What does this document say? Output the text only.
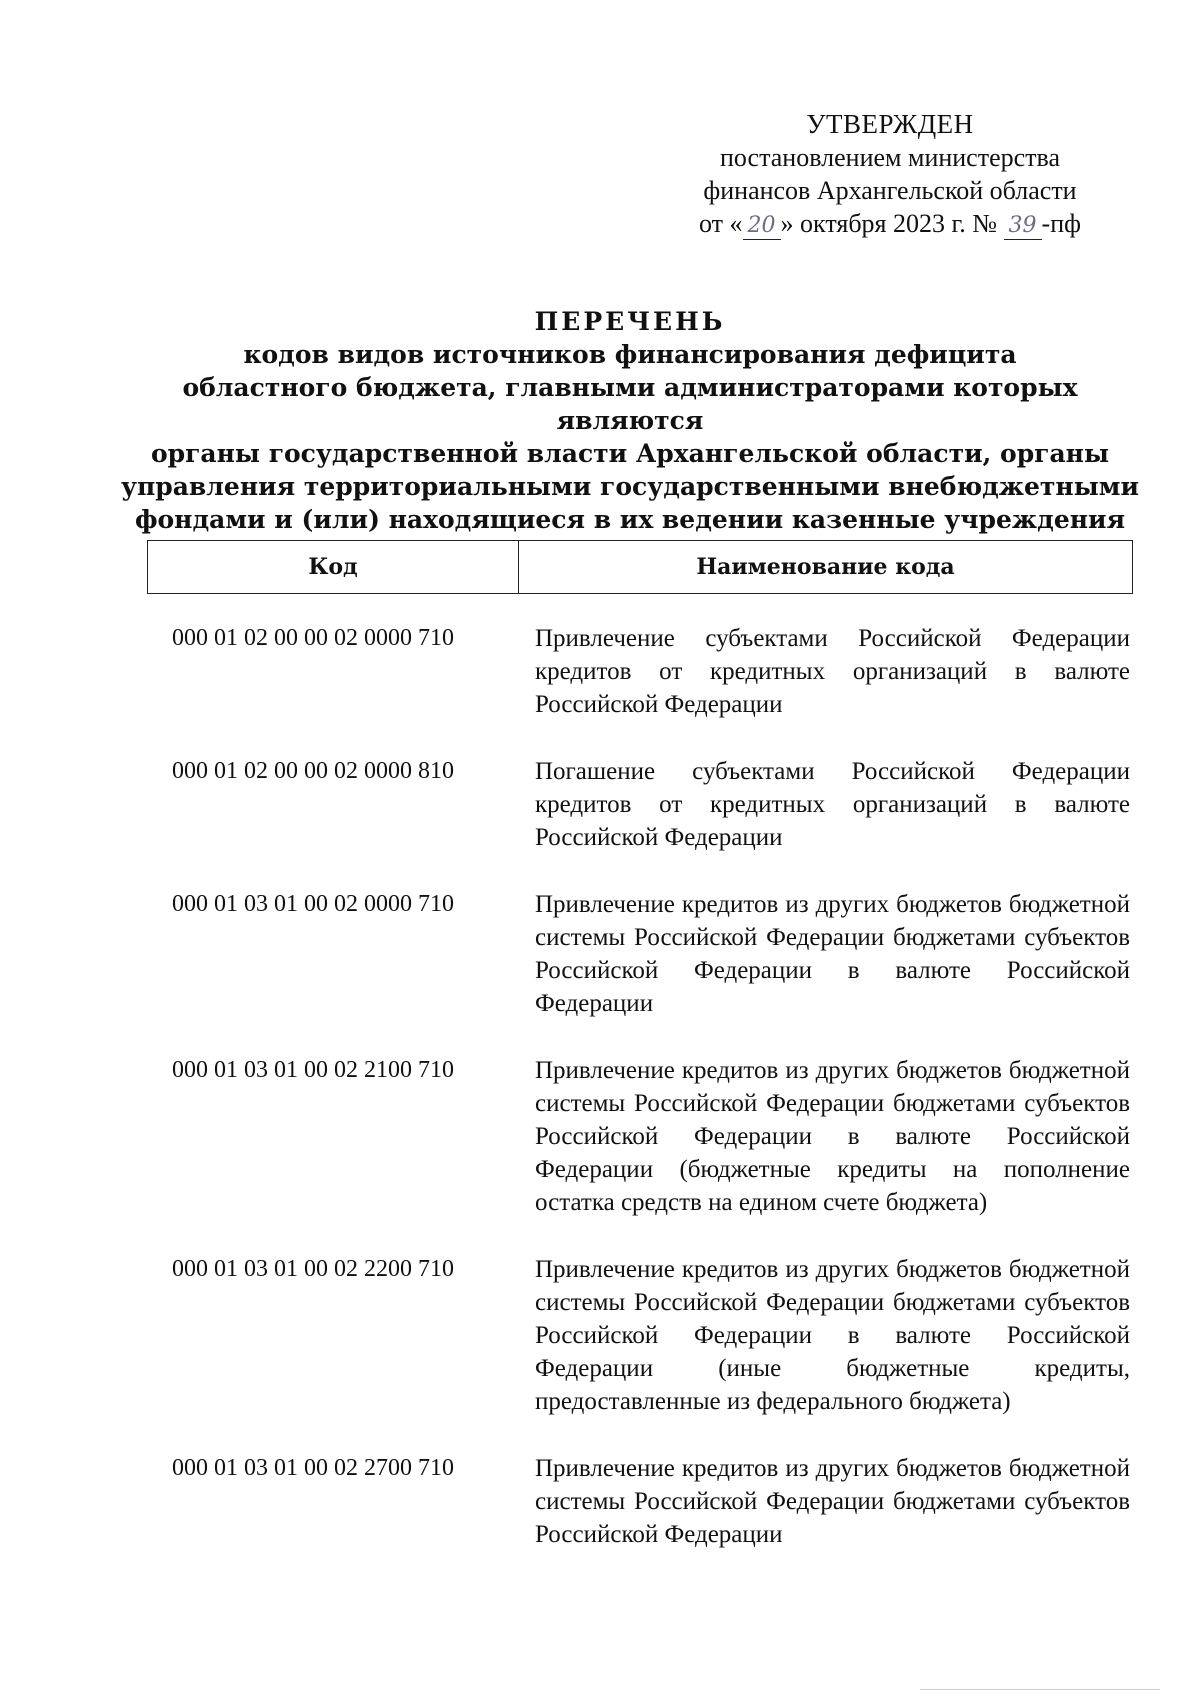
УТВЕРЖДЕН
постановлением министерства
финансов Архангельской области
от « 20 » октября 2023 г. № 39 -пф
ПЕРЕЧЕНЬ
кодов видов источников финансирования дефицита
областного бюджета, главными администраторами которых являются
органы государственной власти Архангельской области, органы
управления территориальными государственными внебюджетными
фондами и (или) находящиеся в их ведении казенные учреждения
Код	Наименование кода
000 01 02 00 00 02 0000 710	Привлечение субъектами Российской Федерации кредитов от кредитных организаций в валюте Российской Федерации
000 01 02 00 00 02 0000 810	Погашение субъектами Российской Федерации кредитов от кредитных организаций в валюте Российской Федерации
000 01 03 01 00 02 0000 710	Привлечение кредитов из других бюджетов бюджетной системы Российской Федерации бюджетами субъектов Российской Федерации в валюте Российской Федерации
000 01 03 01 00 02 2100 710	Привлечение кредитов из других бюджетов бюджетной системы Российской Федерации бюджетами субъектов Российской Федерации в валюте Российской Федерации (бюджетные кредиты на пополнение остатка средств на едином счете бюджета)
000 01 03 01 00 02 2200 710	Привлечение кредитов из других бюджетов бюджетной системы Российской Федерации бюджетами субъектов Российской Федерации в валюте Российской Федерации (иные бюджетные кредиты, предоставленные из федерального бюджета)
000 01 03 01 00 02 2700 710	Привлечение кредитов из других бюджетов бюджетной системы Российской Федерации бюджетами субъектов Российской Федерации
